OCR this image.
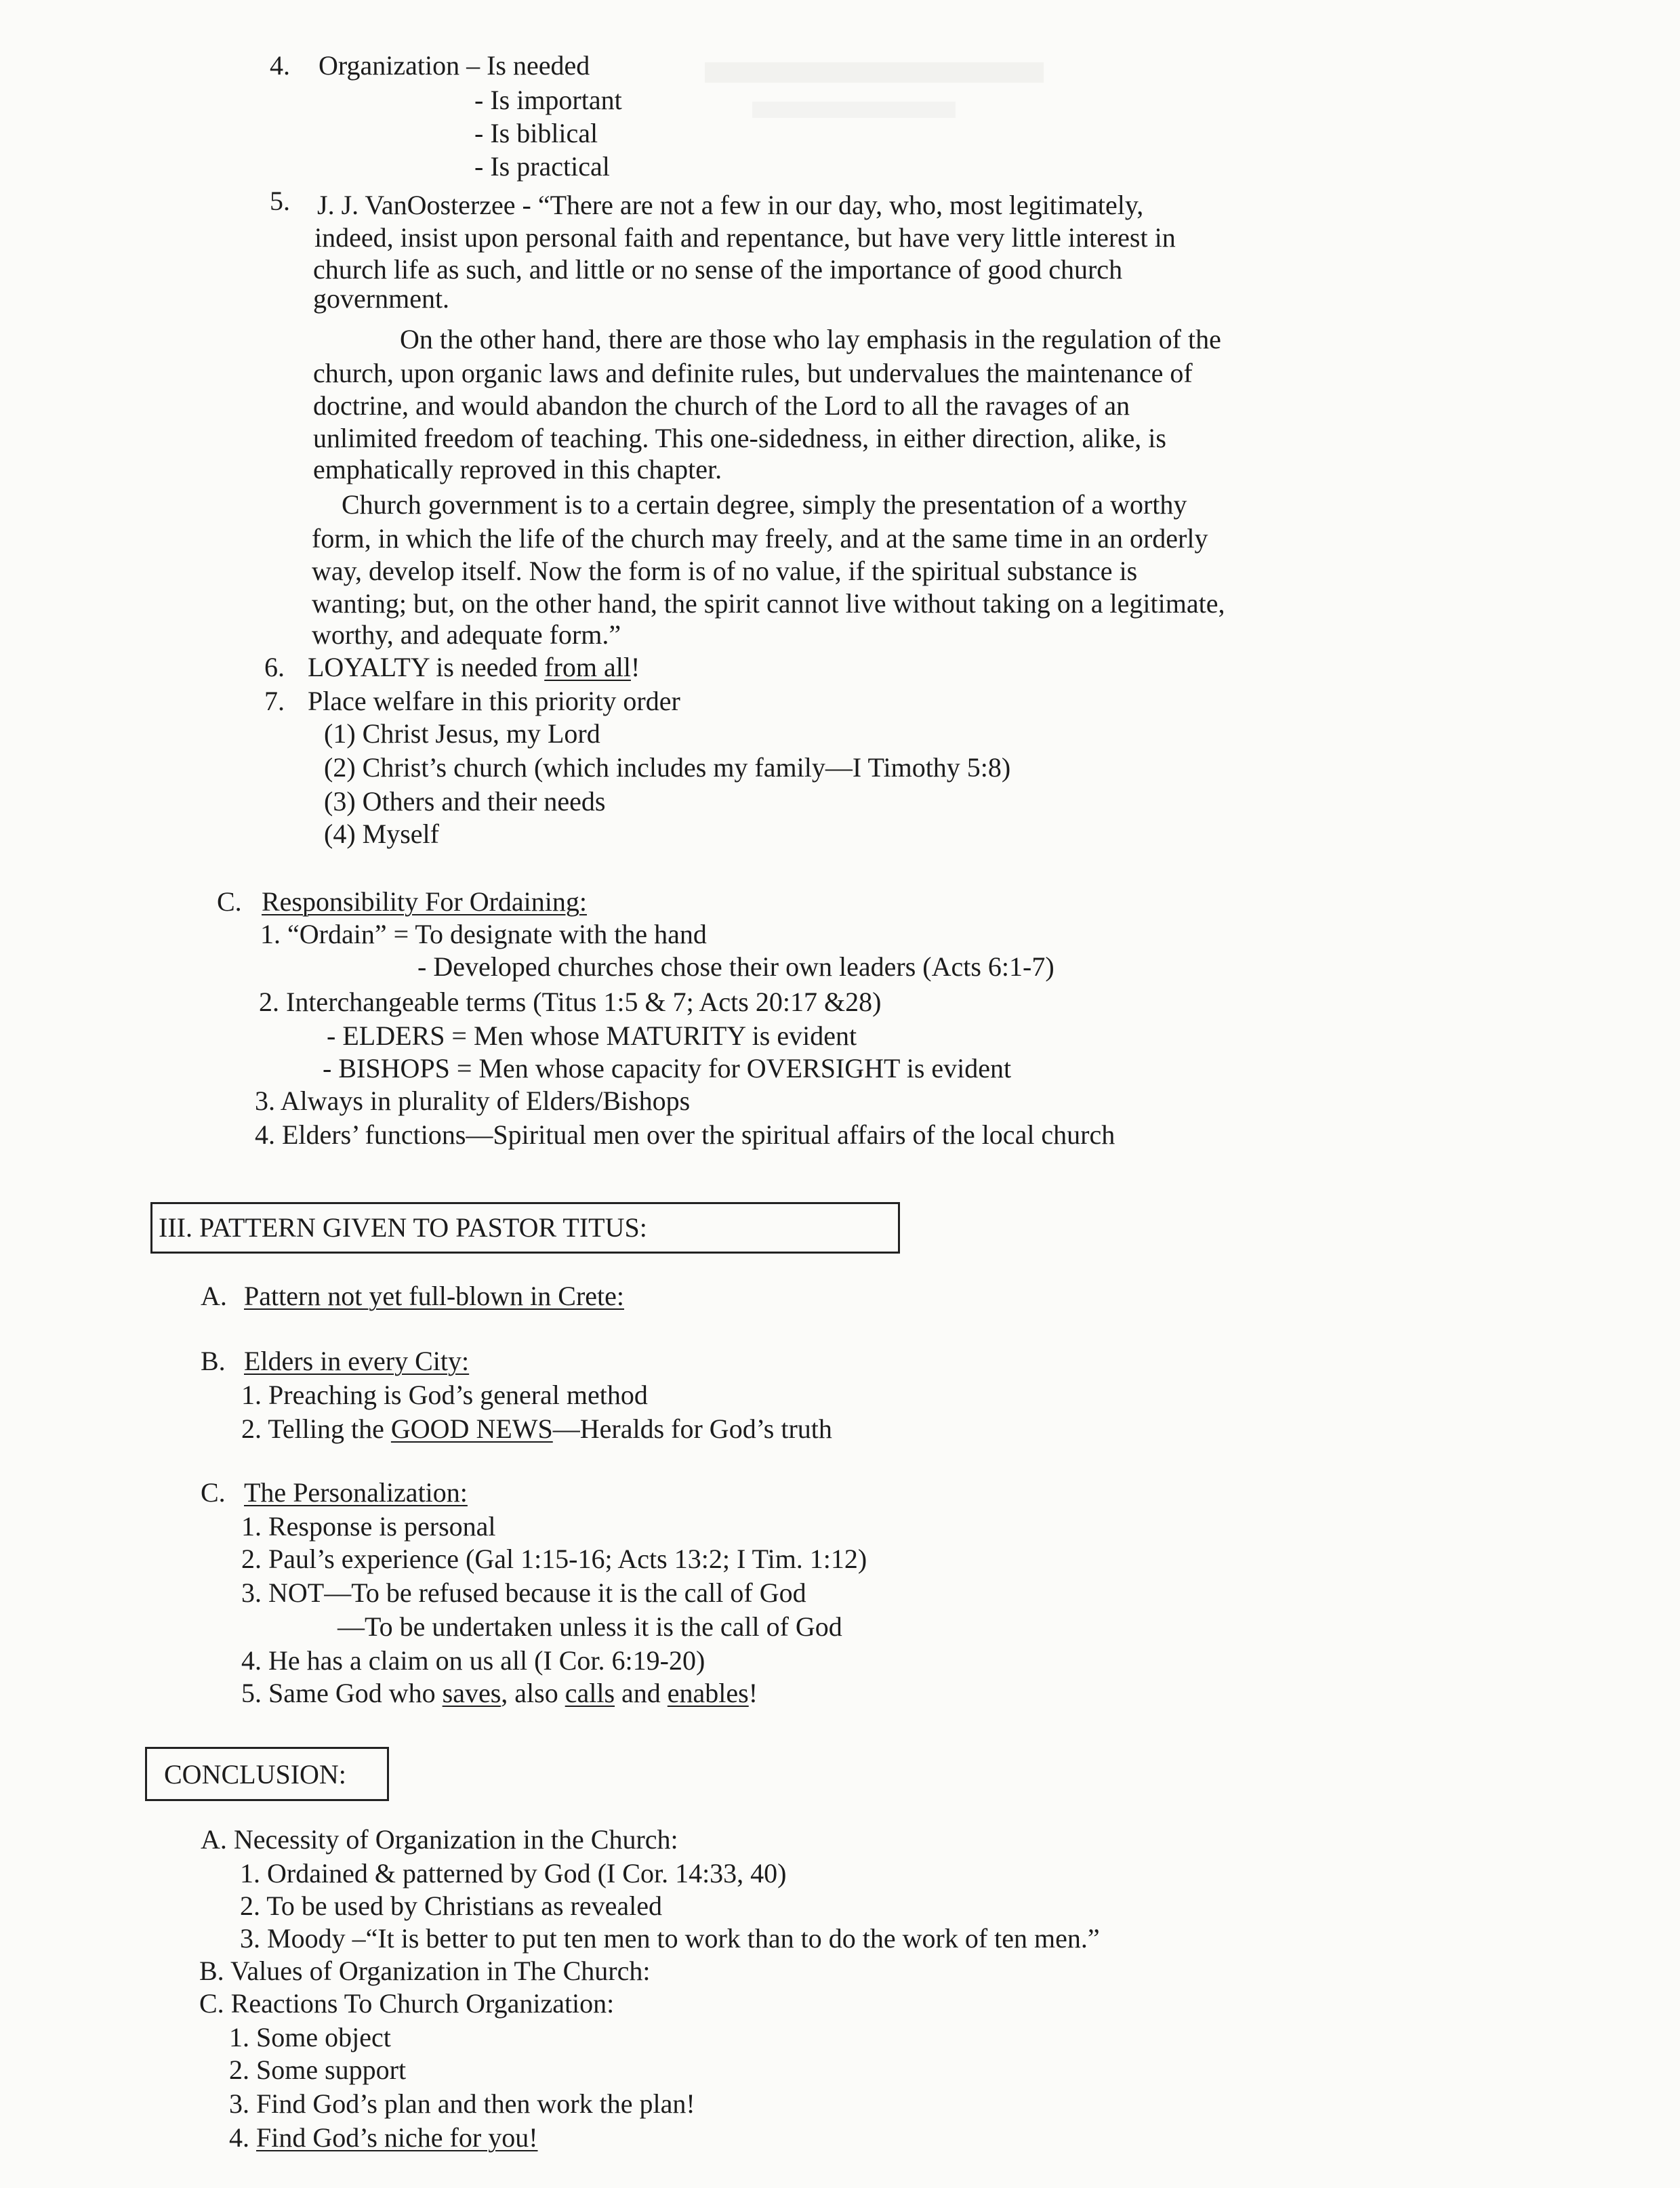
4. Organization – Is needed
- Is important
- Is biblical
- Is practical
5. J. J. VanOosterzee - “There are not a few in our day, who, most legitimately,
indeed, insist upon personal faith and repentance, but have very little interest in
church life as such, and little or no sense of the importance of good church
government.
On the other hand, there are those who lay emphasis in the regulation of the
church, upon organic laws and definite rules, but undervalues the maintenance of
doctrine, and would abandon the church of the Lord to all the ravages of an
unlimited freedom of teaching. This one-sidedness, in either direction, alike, is
emphatically reproved in this chapter.
Church government is to a certain degree, simply the presentation of a worthy
form, in which the life of the church may freely, and at the same time in an orderly
way, develop itself. Now the form is of no value, if the spiritual substance is
wanting; but, on the other hand, the spirit cannot live without taking on a legitimate,
worthy, and adequate form.”
6. LOYALTY is needed from all!
7. Place welfare in this priority order
(1) Christ Jesus, my Lord
(2) Christ’s church (which includes my family—I Timothy 5:8)
(3) Others and their needs
(4) Myself
C. Responsibility For Ordaining:
1. “Ordain” = To designate with the hand
- Developed churches chose their own leaders (Acts 6:1-7)
2. Interchangeable terms (Titus 1:5 & 7; Acts 20:17 &28)
- ELDERS = Men whose MATURITY is evident
- BISHOPS = Men whose capacity for OVERSIGHT is evident
3. Always in plurality of Elders/Bishops
4. Elders’ functions—Spiritual men over the spiritual affairs of the local church
III. PATTERN GIVEN TO PASTOR TITUS:
A. Pattern not yet full-blown in Crete:
B. Elders in every City:
1. Preaching is God’s general method
2. Telling the GOOD NEWS—Heralds for God’s truth
C. The Personalization:
1. Response is personal
2. Paul’s experience (Gal 1:15-16; Acts 13:2; I Tim. 1:12)
3. NOT—To be refused because it is the call of God
—To be undertaken unless it is the call of God
4. He has a claim on us all (I Cor. 6:19-20)
5. Same God who saves, also calls and enables!
CONCLUSION:
A. Necessity of Organization in the Church:
1. Ordained & patterned by God (I Cor. 14:33, 40)
2. To be used by Christians as revealed
3. Moody –“It is better to put ten men to work than to do the work of ten men.”
B. Values of Organization in The Church:
C. Reactions To Church Organization:
1. Some object
2. Some support
3. Find God’s plan and then work the plan!
4. Find God’s niche for you!
